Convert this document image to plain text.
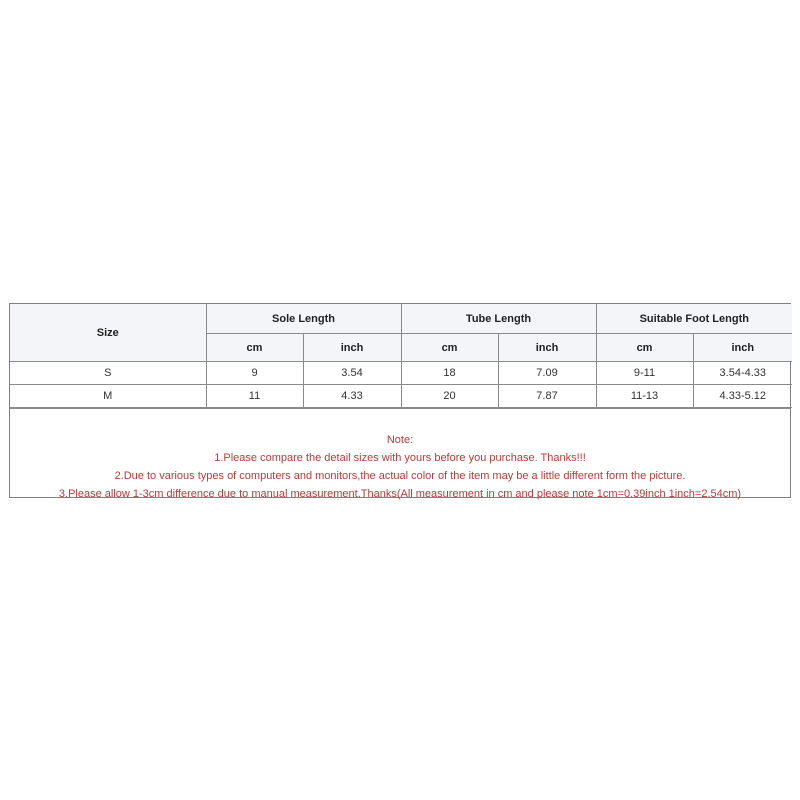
Size	Sole Length		Tube Length		Suitable Foot Length	
	cm	inch	cm	inch	cm	inch
S	9	3.54	18	7.09	9-11	3.54-4.33
M	11	4.33	20	7.87	11-13	4.33-5.12

Note:

1.Please compare the detail sizes with yours before you purchase. Thanks!!!

2.Due to various types of computers and monitors,the actual color of the item may be a little different form the picture.

3.Please allow 1-3cm difference due to manual measurement.Thanks(All measurement in cm and please note 1cm=0.39inch 1inch=2.54cm)
